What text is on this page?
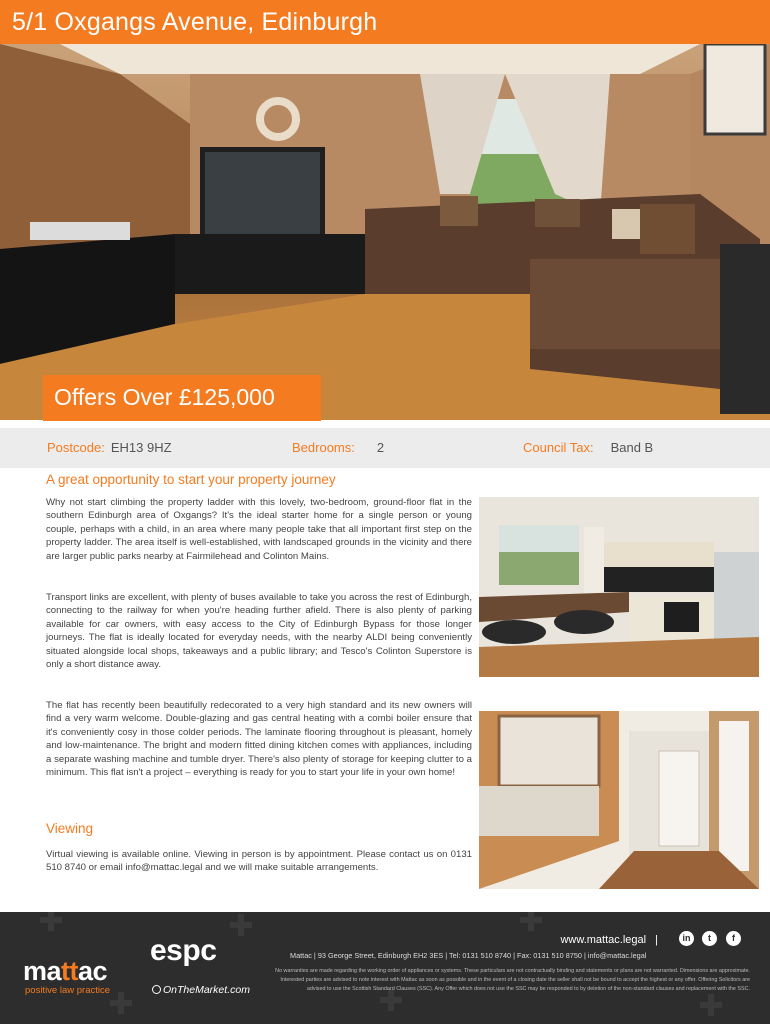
5/1 Oxgangs Avenue, Edinburgh
Offers Over £125,000
Postcode: EH13 9HZ	Bedrooms: 2	Council Tax: Band B
A great opportunity to start your property journey

Why not start climbing the property ladder with this lovely, two-bedroom, ground-floor flat in the southern Edinburgh area of Oxgangs? It's the ideal starter home for a single person or young couple, perhaps with a child, in an area where many people take that all important first step on the property ladder. The area itself is well-established, with landscaped grounds in the vicinity and there are larger public parks nearby at Fairmilehead and Colinton Mains.

Transport links are excellent, with plenty of buses available to take you across the rest of Edinburgh, connecting to the railway for when you're heading further afield. There is also plenty of parking available for car owners, with easy access to the City of Edinburgh Bypass for those longer journeys. The flat is ideally located for everyday needs, with the nearby ALDI being conveniently situated alongside local shops, takeaways and a public library; and Tesco's Colinton Superstore is only a short distance away.

The flat has recently been beautifully redecorated to a very high standard and its new owners will find a very warm welcome. Double-glazing and gas central heating with a combi boiler ensure that it's conveniently cosy in those colder periods. The laminate flooring throughout is pleasant, homely and low-maintenance. The bright and modern fitted dining kitchen comes with appliances, including a separate washing machine and tumble dryer. There's also plenty of storage for keeping clutter to a minimum. This flat isn't a project – everything is ready for you to start your life in your own home!

Viewing

Virtual viewing is available online. Viewing in person is by appointment. Please contact us on 0131 510 8740 or email info@mattac.legal and we will make suitable arrangements.

mattac
positive law practice
espc
OnTheMarket.com
www.mattac.legal |	in	t	f
Mattac | 93 George Street, Edinburgh EH2 3ES | Tel: 0131 510 8740 | Fax: 0131 510 8750 | info@mattac.legal
No warranties are made regarding the working order of appliances or systems. These particulars are not contractually binding and statements or plans are not warranted. Dimensions are approximate. Interested parties are advised to note interest with Mattac as soon as possible and in the event of a closing date the seller shall not be bound to accept the highest or any offer. Offering Solicitors are advised to use the Scottish Standard Clauses (SSC). Any Offer which does not use the SSC may be responded to by deletion of the non-standard clauses and replacement with the SSC.
